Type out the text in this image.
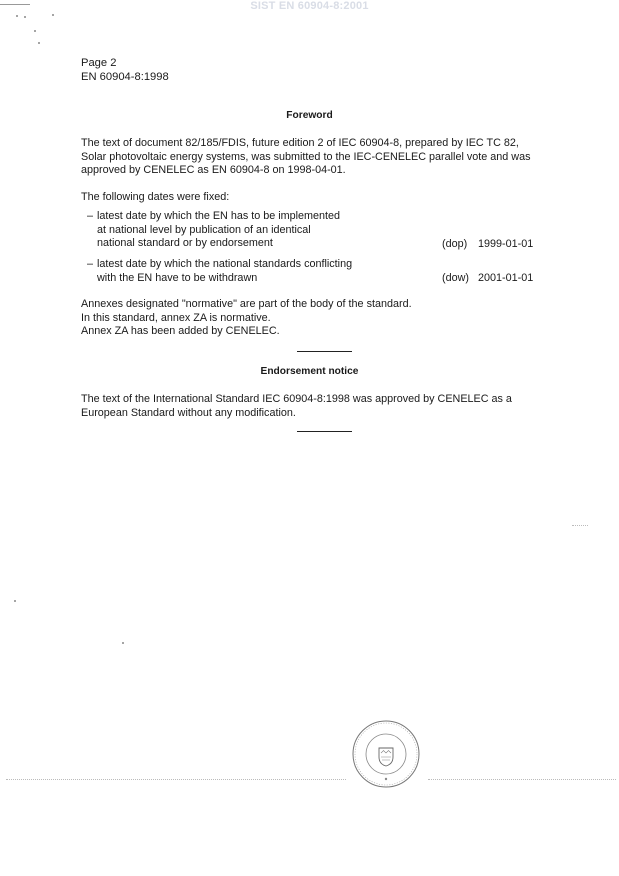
SIST EN 60904-8:2001
Page 2
EN 60904-8:1998
Foreword
The text of document 82/185/FDIS, future edition 2 of IEC 60904-8, prepared by IEC TC 82,
Solar photovoltaic energy systems, was submitted to the IEC-CENELEC parallel vote and was
approved by CENELEC as EN 60904-8 on 1998-04-01.
The following dates were fixed:
– latest date by which the EN has to be implemented
at national level by publication of an identical
national standard or by endorsement	(dop) 1999-01-01
– latest date by which the national standards conflicting
with the EN have to be withdrawn	(dow) 2001-01-01
Annexes designated "normative" are part of the body of the standard.
In this standard, annex ZA is normative.
Annex ZA has been added by CENELEC.
Endorsement notice
The text of the International Standard IEC 60904-8:1998 was approved by CENELEC as a
European Standard without any modification.
